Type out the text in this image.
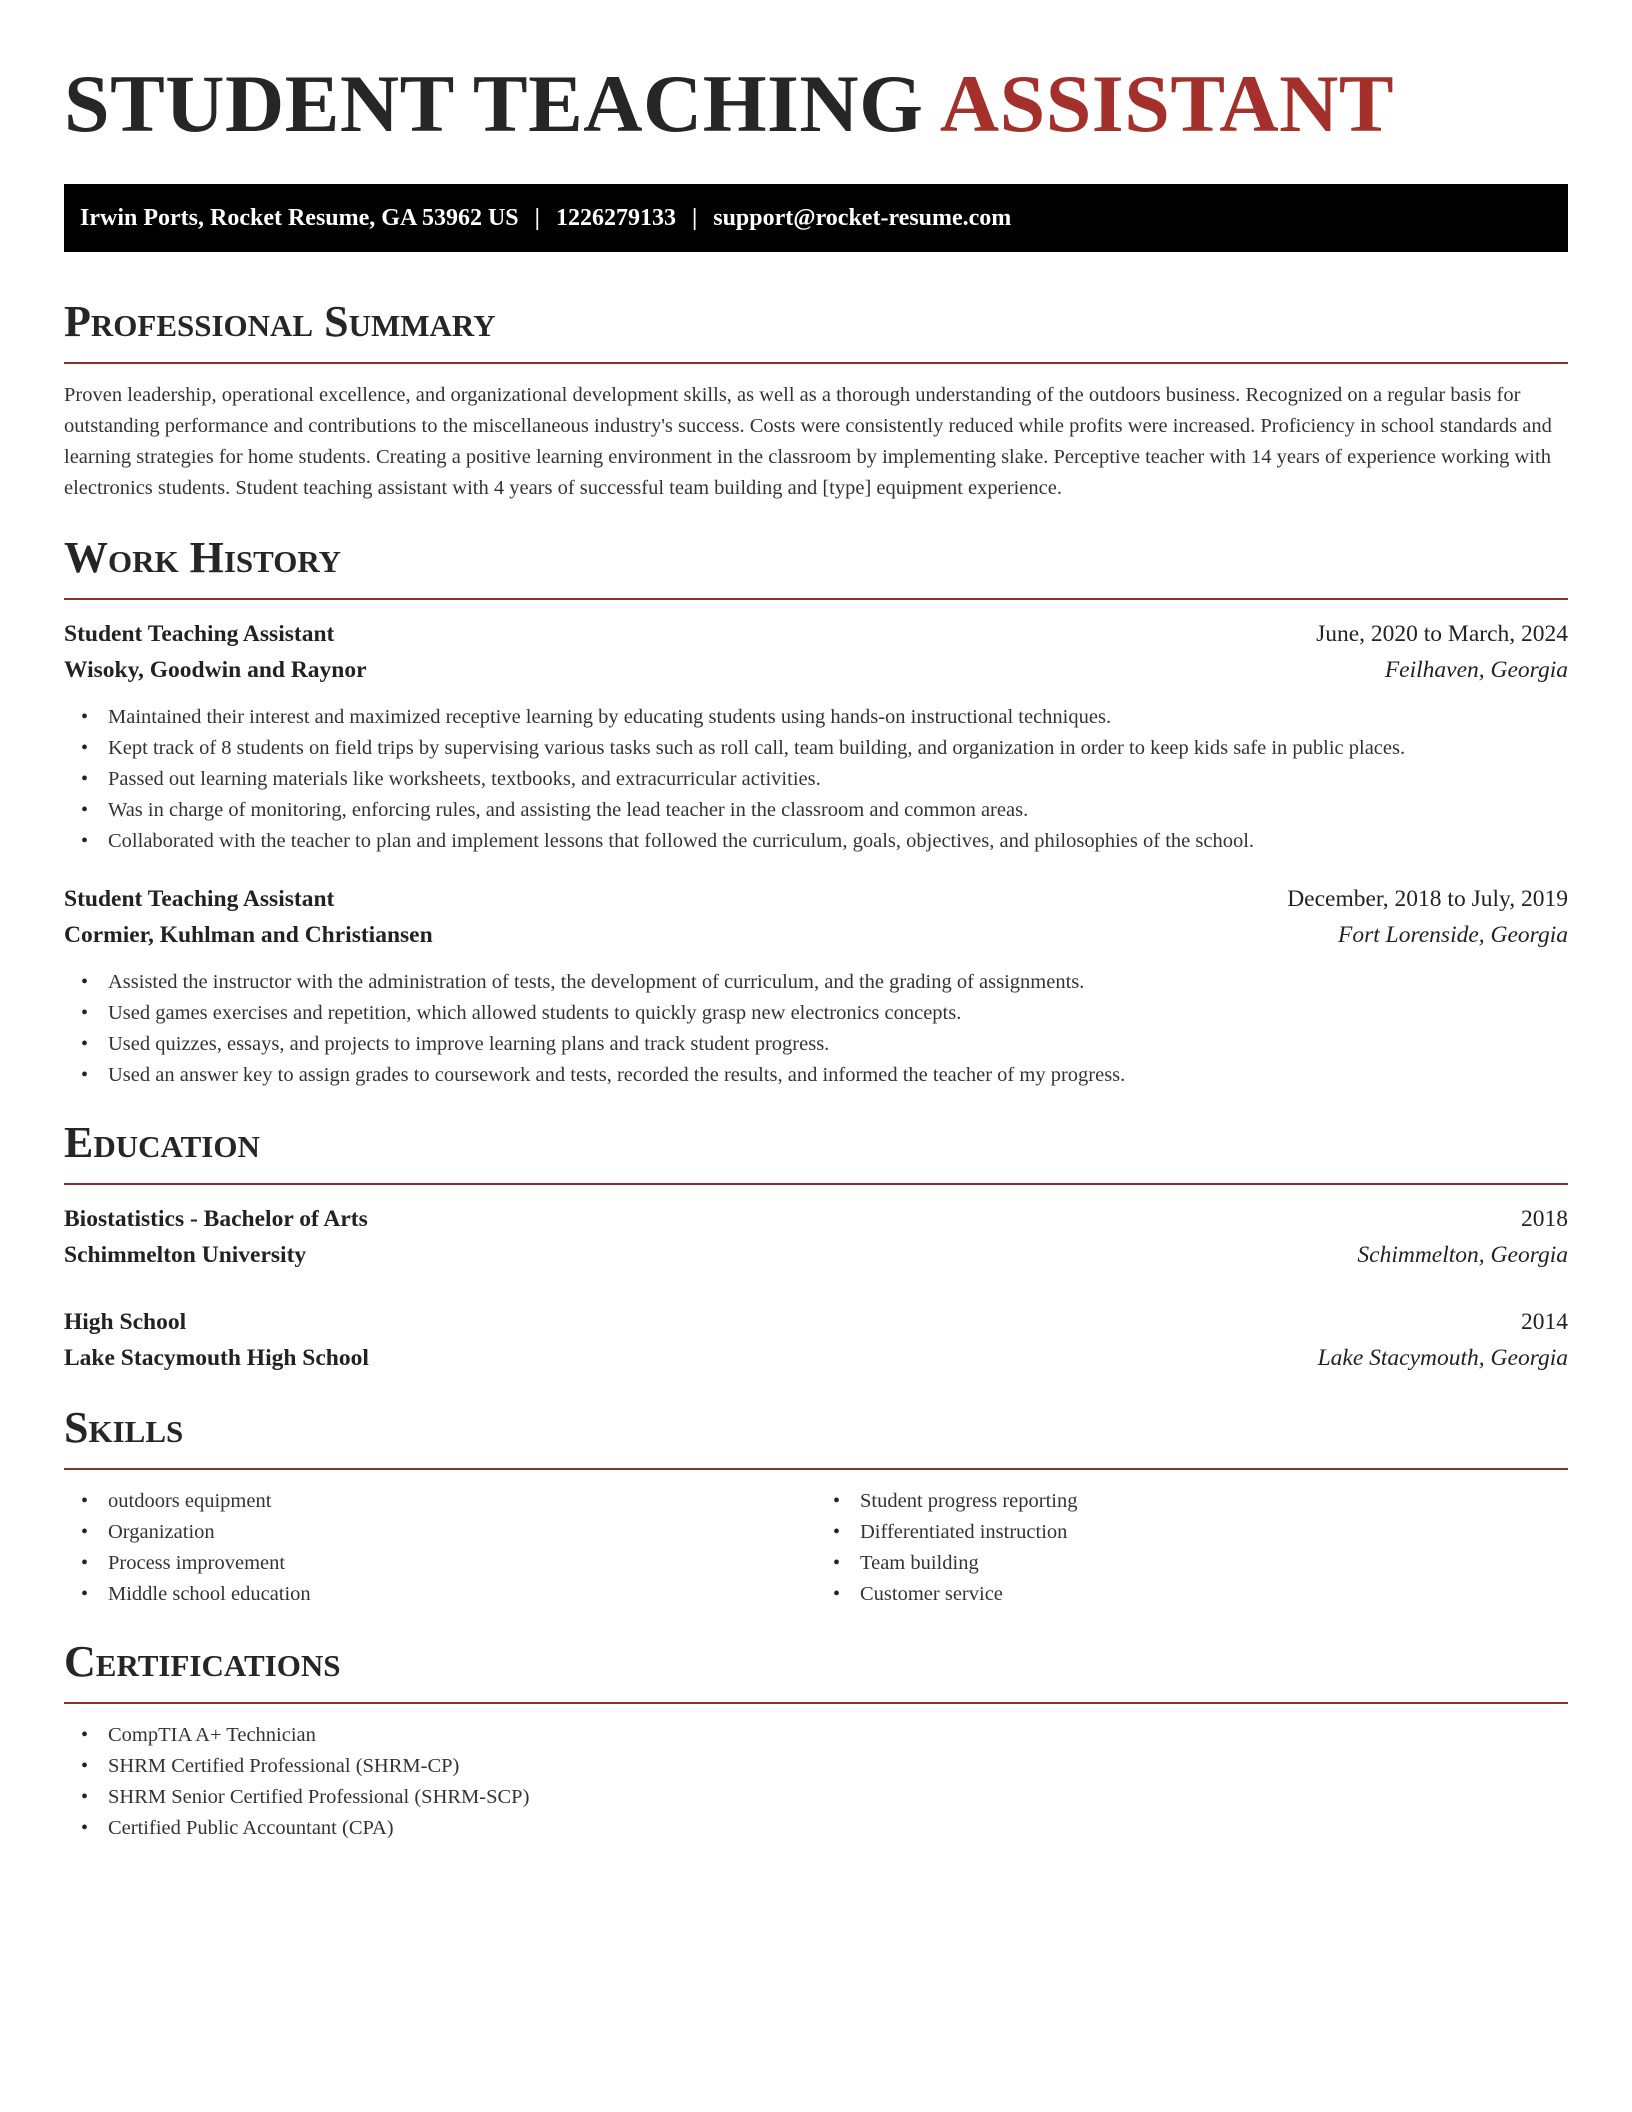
STUDENT TEACHING ASSISTANT
Irwin Ports, Rocket Resume, GA 53962 US | 1226279133 | support@rocket-resume.com
Professional Summary

Proven leadership, operational excellence, and organizational development skills, as well as a thorough understanding of the outdoors business. Recognized on a regular basis for outstanding performance and contributions to the miscellaneous industry's success. Costs were consistently reduced while profits were increased. Proficiency in school standards and learning strategies for home students. Creating a positive learning environment in the classroom by implementing slake. Perceptive teacher with 14 years of experience working with electronics students. Student teaching assistant with 4 years of successful team building and [type] equipment experience.

Work History
Student Teaching Assistant	June, 2020 to March, 2024
Wisoky, Goodwin and Raynor	Feilhaven, Georgia
• Maintained their interest and maximized receptive learning by educating students using hands-on instructional techniques.
• Kept track of 8 students on field trips by supervising various tasks such as roll call, team building, and organization in order to keep kids safe in public places.
• Passed out learning materials like worksheets, textbooks, and extracurricular activities.
• Was in charge of monitoring, enforcing rules, and assisting the lead teacher in the classroom and common areas.
• Collaborated with the teacher to plan and implement lessons that followed the curriculum, goals, objectives, and philosophies of the school.
Student Teaching Assistant	December, 2018 to July, 2019
Cormier, Kuhlman and Christiansen	Fort Lorenside, Georgia
• Assisted the instructor with the administration of tests, the development of curriculum, and the grading of assignments.
• Used games exercises and repetition, which allowed students to quickly grasp new electronics concepts.
• Used quizzes, essays, and projects to improve learning plans and track student progress.
• Used an answer key to assign grades to coursework and tests, recorded the results, and informed the teacher of my progress.
Education
Biostatistics - Bachelor of Arts	2018
Schimmelton University	Schimmelton, Georgia
High School	2014
Lake Stacymouth High School	Lake Stacymouth, Georgia
Skills
• outdoors equipment
• Organization
• Process improvement
• Middle school education
• Student progress reporting
• Differentiated instruction
• Team building
• Customer service
Certifications
• CompTIA A+ Technician
• SHRM Certified Professional (SHRM-CP)
• SHRM Senior Certified Professional (SHRM-SCP)
• Certified Public Accountant (CPA)
